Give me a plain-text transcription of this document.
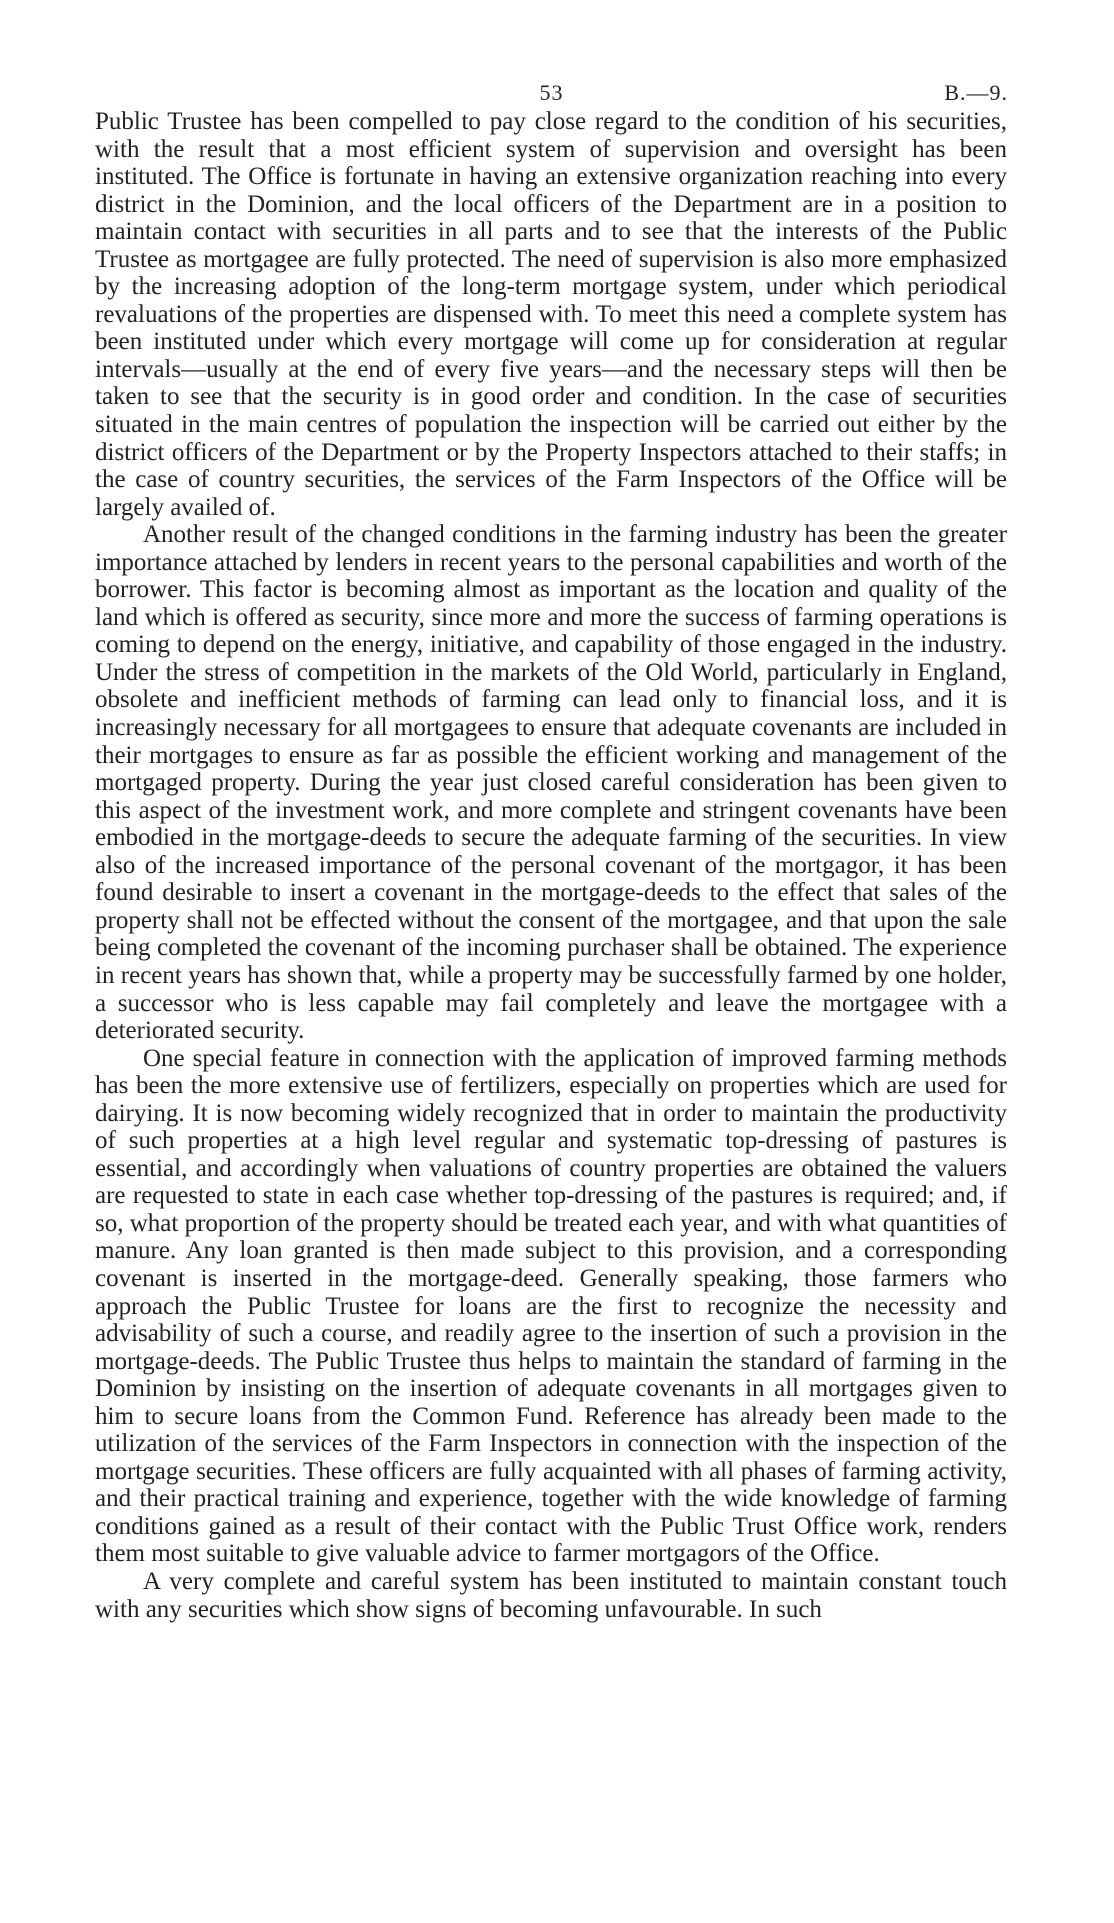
53	B.—9.

Public Trustee has been compelled to pay close regard to the condition of his securities, with the result that a most efficient system of supervision and oversight has been instituted. The Office is fortunate in having an extensive organization reaching into every district in the Dominion, and the local officers of the Department are in a position to maintain contact with securities in all parts and to see that the interests of the Public Trustee as mortgagee are fully protected. The need of supervision is also more emphasized by the increasing adoption of the long-term mortgage system, under which periodical revaluations of the properties are dispensed with. To meet this need a complete system has been instituted under which every mortgage will come up for consideration at regular intervals—usually at the end of every five years—and the necessary steps will then be taken to see that the security is in good order and condition. In the case of securities situated in the main centres of population the inspection will be carried out either by the district officers of the Department or by the Property Inspectors attached to their staffs; in the case of country securities, the services of the Farm Inspectors of the Office will be largely availed of.

Another result of the changed conditions in the farming industry has been the greater importance attached by lenders in recent years to the personal capabilities and worth of the borrower. This factor is becoming almost as important as the location and quality of the land which is offered as security, since more and more the success of farming operations is coming to depend on the energy, initiative, and capability of those engaged in the industry. Under the stress of competition in the markets of the Old World, particularly in England, obsolete and inefficient methods of farming can lead only to financial loss, and it is increasingly necessary for all mortgagees to ensure that adequate covenants are included in their mortgages to ensure as far as possible the efficient working and management of the mortgaged property. During the year just closed careful consideration has been given to this aspect of the investment work, and more complete and stringent covenants have been embodied in the mortgage-deeds to secure the adequate farming of the securities. In view also of the increased importance of the personal covenant of the mortgagor, it has been found desirable to insert a covenant in the mortgage-deeds to the effect that sales of the property shall not be effected without the consent of the mortgagee, and that upon the sale being completed the covenant of the incoming purchaser shall be obtained. The experience in recent years has shown that, while a property may be successfully farmed by one holder, a successor who is less capable may fail completely and leave the mortgagee with a deteriorated security.

One special feature in connection with the application of improved farming methods has been the more extensive use of fertilizers, especially on properties which are used for dairying. It is now becoming widely recognized that in order to maintain the productivity of such properties at a high level regular and systematic top-dressing of pastures is essential, and accordingly when valuations of country properties are obtained the valuers are requested to state in each case whether top-dressing of the pastures is required; and, if so, what proportion of the property should be treated each year, and with what quantities of manure. Any loan granted is then made subject to this provision, and a corresponding covenant is inserted in the mortgage-deed. Generally speaking, those farmers who approach the Public Trustee for loans are the first to recognize the necessity and advisability of such a course, and readily agree to the insertion of such a provision in the mortgage-deeds. The Public Trustee thus helps to maintain the standard of farming in the Dominion by insisting on the insertion of adequate covenants in all mortgages given to him to secure loans from the Common Fund. Reference has already been made to the utilization of the services of the Farm Inspectors in connection with the inspection of the mortgage securities. These officers are fully acquainted with all phases of farming activity, and their practical training and experience, together with the wide knowledge of farming conditions gained as a result of their contact with the Public Trust Office work, renders them most suitable to give valuable advice to farmer mortgagors of the Office.

A very complete and careful system has been instituted to maintain constant touch with any securities which show signs of becoming unfavourable. In such
